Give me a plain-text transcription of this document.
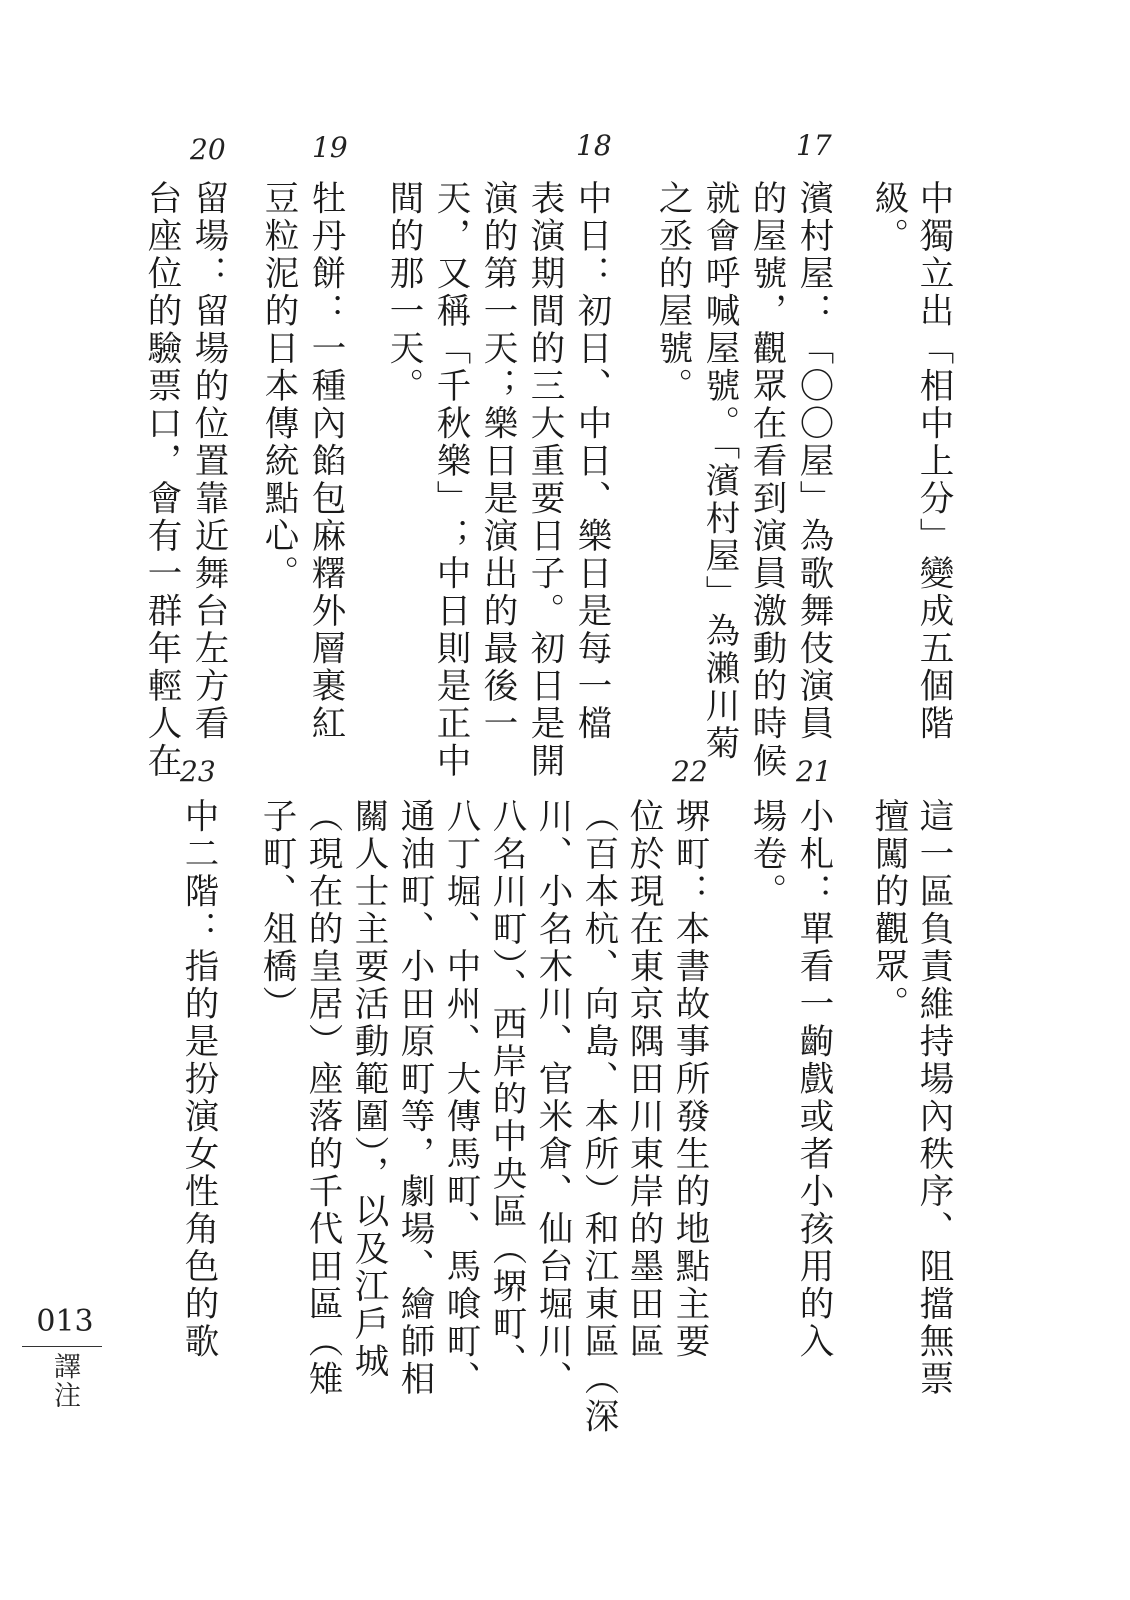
17
18
19
20
中獨立出「相中上分」變成五個階
級。
濱村屋：「〇〇屋」為歌舞伎演員
的屋號，觀眾在看到演員激動的時候
就會呼喊屋號。「濱村屋」為瀨川菊
之丞的屋號。
中日：初日、中日、樂日是每一檔
表演期間的三大重要日子。初日是開
演的第一天；樂日是演出的最後一
天，又稱「千秋樂」；中日則是正中
間的那一天。
牡丹餅：一種內餡包麻糬外層裹紅
豆粒泥的日本傳統點心。
留場：留場的位置靠近舞台左方看
台座位的驗票口，會有一群年輕人在	21
22
23
這一區負責維持場內秩序、阻擋無票
擅闖的觀眾。
小札：單看一齣戲或者小孩用的入
場卷。
堺町：本書故事所發生的地點主要
位於現在東京隅田川東岸的墨田區
（百本杭、向島、本所）和江東區（深
川、小名木川、官米倉、仙台堀川、
八名川町）、西岸的中央區（堺町、
八丁堀、中州、大傳馬町、馬喰町、
通油町、小田原町等，劇場、繪師相
關人士主要活動範圍），以及江戶城
（現在的皇居）座落的千代田區（雉
子町、俎橋）
中二階：指的是扮演女性角色的歌
013
譯注
